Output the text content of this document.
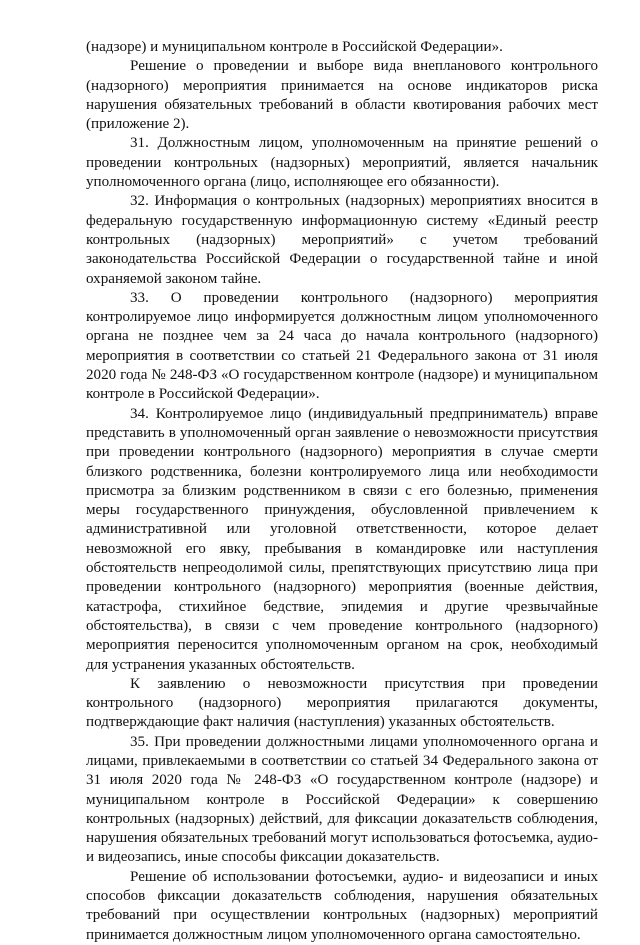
(надзоре) и муниципальном контроле в Российской Федерации».

Решение о проведении и выборе вида внепланового контрольного (надзорного) мероприятия принимается на основе индикаторов риска нарушения обязательных требований в области квотирования рабочих мест (приложение 2).

31. Должностным лицом, уполномоченным на принятие решений о проведении контрольных (надзорных) мероприятий, является начальник уполномоченного органа (лицо, исполняющее его обязанности).

32. Информация о контрольных (надзорных) мероприятиях вносится в федеральную государственную информационную систему «Единый реестр контрольных (надзорных) мероприятий» с учетом требований законодательства Российской Федерации о государственной тайне и иной охраняемой законом тайне.

33. О проведении контрольного (надзорного) мероприятия контролируемое лицо информируется должностным лицом уполномоченного органа не позднее чем за 24 часа до начала контрольного (надзорного) мероприятия в соответствии со статьей 21 Федерального закона от 31 июля 2020 года № 248-ФЗ «О государственном контроле (надзоре) и муниципальном контроле в Российской Федерации».

34. Контролируемое лицо (индивидуальный предприниматель) вправе представить в уполномоченный орган заявление о невозможности присутствия при проведении контрольного (надзорного) мероприятия в случае смерти близкого родственника, болезни контролируемого лица или необходимости присмотра за близким родственником в связи с его болезнью, применения меры государственного принуждения, обусловленной привлечением к административной или уголовной ответственности, которое делает невозможной его явку, пребывания в командировке или наступления обстоятельств непреодолимой силы, препятствующих присутствию лица при проведении контрольного (надзорного) мероприятия (военные действия, катастрофа, стихийное бедствие, эпидемия и другие чрезвычайные обстоятельства), в связи с чем проведение контрольного (надзорного) мероприятия переносится уполномоченным органом на срок, необходимый для устранения указанных обстоятельств.

К заявлению о невозможности присутствия при проведении контрольного (надзорного) мероприятия прилагаются документы, подтверждающие факт наличия (наступления) указанных обстоятельств.

35. При проведении должностными лицами уполномоченного органа и лицами, привлекаемыми в соответствии со статьей 34 Федерального закона от 31 июля 2020 года № 248-ФЗ «О государственном контроле (надзоре) и муниципальном контроле в Российской Федерации» к совершению контрольных (надзорных) действий, для фиксации доказательств соблюдения, нарушения обязательных требований могут использоваться фотосъемка, аудио- и видеозапись, иные способы фиксации доказательств.

Решение об использовании фотосъемки, аудио- и видеозаписи и иных способов фиксации доказательств соблюдения, нарушения обязательных требований при осуществлении контрольных (надзорных) мероприятий принимается должностным лицом уполномоченного органа самостоятельно.
